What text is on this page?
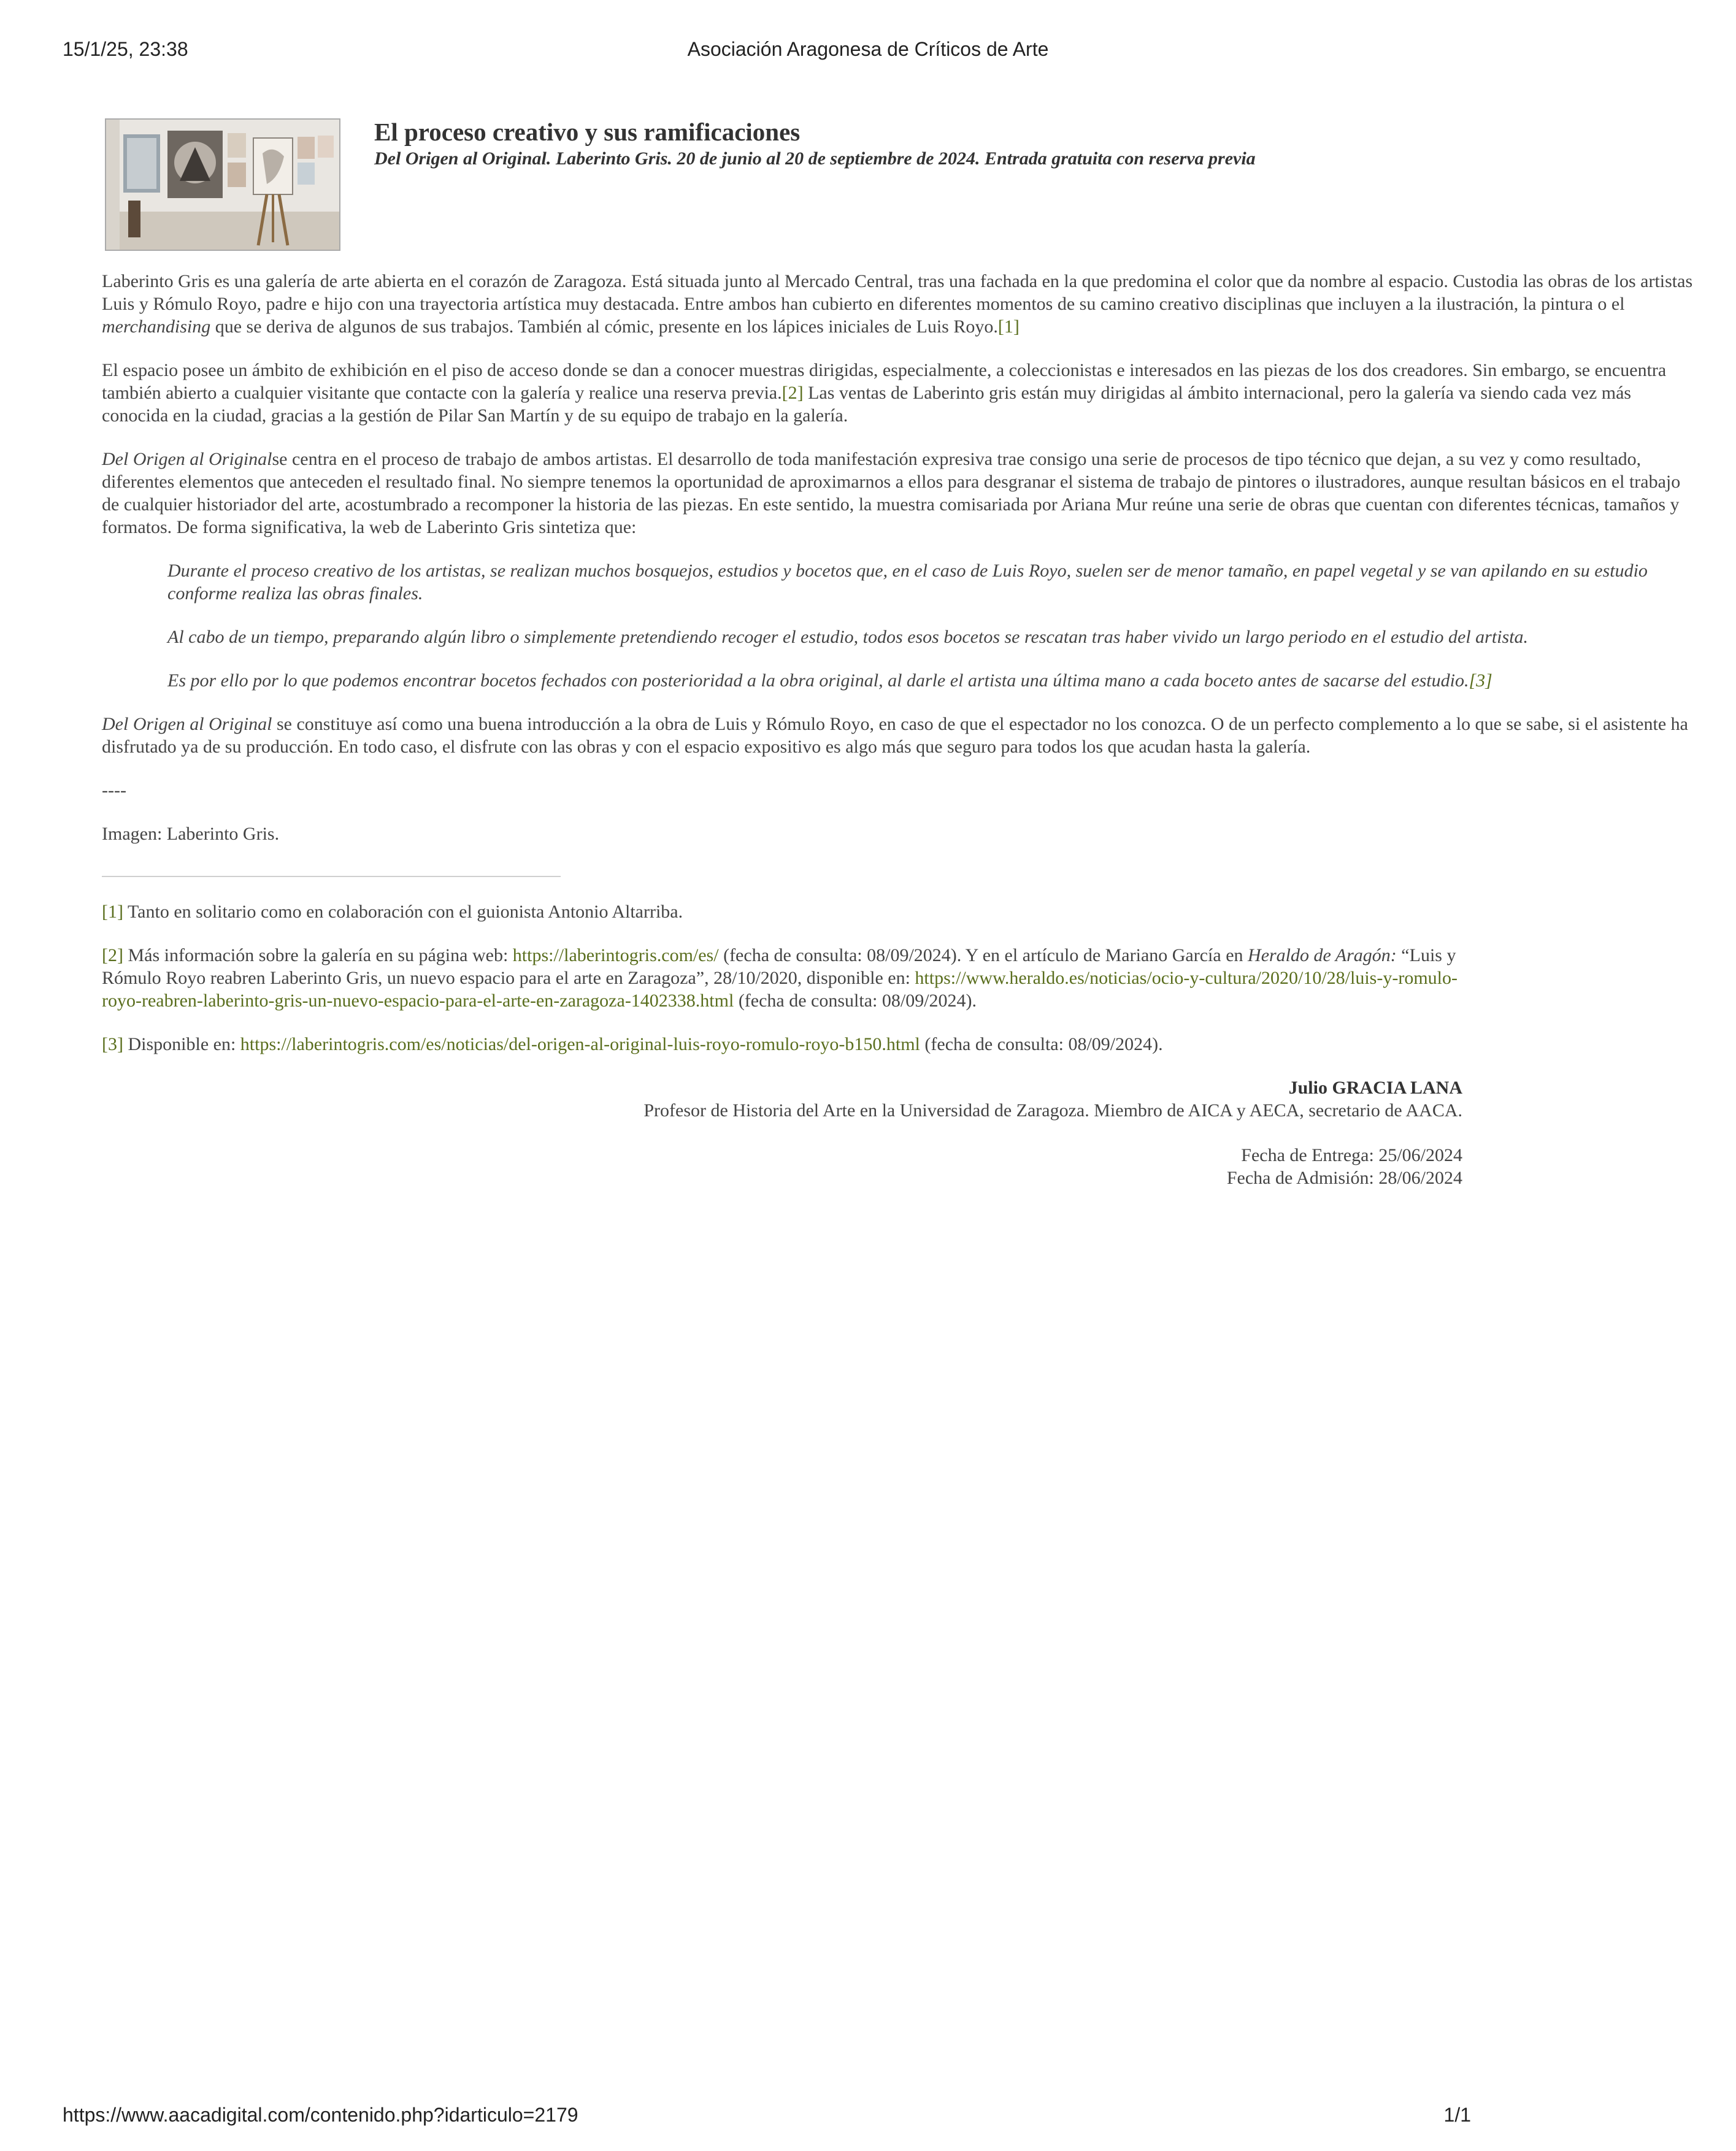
15/1/25, 23:38	Asociación Aragonesa de Críticos de Arte
El proceso creativo y sus ramificaciones

Del Origen al Original. Laberinto Gris. 20 de junio al 20 de septiembre de 2024. Entrada gratuita con reserva previa

Laberinto Gris es una galería de arte abierta en el corazón de Zaragoza. Está situada junto al Mercado Central, tras una fachada en la que predomina el color que da nombre al espacio. Custodia las obras de los artistas Luis y Rómulo Royo, padre e hijo con una trayectoria artística muy destacada. Entre ambos han cubierto en diferentes momentos de su camino creativo disciplinas que incluyen a la ilustración, la pintura o el merchandising que se deriva de algunos de sus trabajos. También al cómic, presente en los lápices iniciales de Luis Royo.[1]

El espacio posee un ámbito de exhibición en el piso de acceso donde se dan a conocer muestras dirigidas, especialmente, a coleccionistas e interesados en las piezas de los dos creadores. Sin embargo, se encuentra también abierto a cualquier visitante que contacte con la galería y realice una reserva previa.[2] Las ventas de Laberinto gris están muy dirigidas al ámbito internacional, pero la galería va siendo cada vez más conocida en la ciudad, gracias a la gestión de Pilar San Martín y de su equipo de trabajo en la galería.

Del Origen al Originalse centra en el proceso de trabajo de ambos artistas. El desarrollo de toda manifestación expresiva trae consigo una serie de procesos de tipo técnico que dejan, a su vez y como resultado, diferentes elementos que anteceden el resultado final. No siempre tenemos la oportunidad de aproximarnos a ellos para desgranar el sistema de trabajo de pintores o ilustradores, aunque resultan básicos en el trabajo de cualquier historiador del arte, acostumbrado a recomponer la historia de las piezas. En este sentido, la muestra comisariada por Ariana Mur reúne una serie de obras que cuentan con diferentes técnicas, tamaños y formatos. De forma significativa, la web de Laberinto Gris sintetiza que:

Durante el proceso creativo de los artistas, se realizan muchos bosquejos, estudios y bocetos que, en el caso de Luis Royo, suelen ser de menor tamaño, en papel vegetal y se van apilando en su estudio conforme realiza las obras finales.

Al cabo de un tiempo, preparando algún libro o simplemente pretendiendo recoger el estudio, todos esos bocetos se rescatan tras haber vivido un largo periodo en el estudio del artista.

Es por ello por lo que podemos encontrar bocetos fechados con posterioridad a la obra original, al darle el artista una última mano a cada boceto antes de sacarse del estudio.[3]

Del Origen al Original se constituye así como una buena introducción a la obra de Luis y Rómulo Royo, en caso de que el espectador no los conozca. O de un perfecto complemento a lo que se sabe, si el asistente ha disfrutado ya de su producción. En todo caso, el disfrute con las obras y con el espacio expositivo es algo más que seguro para todos los que acudan hasta la galería.

----

Imagen: Laberinto Gris.

[1] Tanto en solitario como en colaboración con el guionista Antonio Altarriba.

[2] Más información sobre la galería en su página web: https://laberintogris.com/es/ (fecha de consulta: 08/09/2024). Y en el artículo de Mariano García en Heraldo de Aragón: “Luis y Rómulo Royo reabren Laberinto Gris, un nuevo espacio para el arte en Zaragoza”, 28/10/2020, disponible en: https://www.heraldo.es/noticias/ocio-y-cultura/2020/10/28/luis-y-romulo-royo-reabren-laberinto-gris-un-nuevo-espacio-para-el-arte-en-zaragoza-1402338.html (fecha de consulta: 08/09/2024).

[3] Disponible en: https://laberintogris.com/es/noticias/del-origen-al-original-luis-royo-romulo-royo-b150.html (fecha de consulta: 08/09/2024).

Julio GRACIA LANA

Profesor de Historia del Arte en la Universidad de Zaragoza. Miembro de AICA y AECA, secretario de AACA.

Fecha de Entrega: 25/06/2024

Fecha de Admisión: 28/06/2024

https://www.aacadigital.com/contenido.php?idarticulo=2179	1/1
